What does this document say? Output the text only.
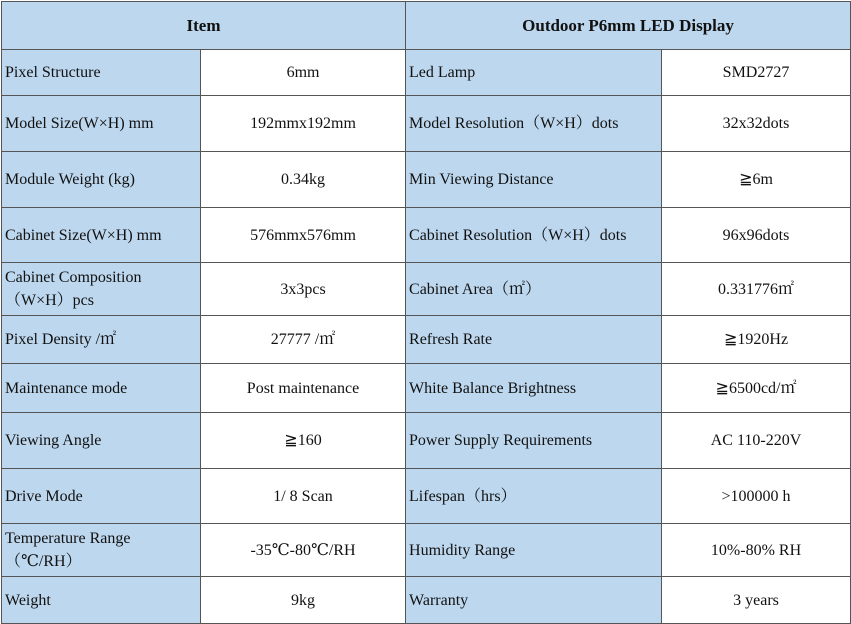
Item		Outdoor P6mm LED Display	
Pixel Structure	6mm	Led Lamp	SMD2727
Model Size(W×H) mm	192mmx192mm	Model Resolution（W×H）dots	32x32dots
Module Weight (kg)	0.34kg	Min Viewing Distance	≧6m
Cabinet Size(W×H) mm	576mmx576mm	Cabinet Resolution（W×H）dots	96x96dots
Cabinet Composition（W×H）pcs	3x3pcs	Cabinet Area（㎡）	0.331776㎡
Pixel Density /㎡	27777 /㎡	Refresh Rate	≧1920Hz
Maintenance mode	Post maintenance	White Balance Brightness	≧6500cd/㎡
Viewing Angle	≧160	Power Supply Requirements	AC 110-220V
Drive Mode	1/ 8 Scan	Lifespan（hrs）	>100000 h
Temperature Range（℃/RH）	-35℃-80℃/RH	Humidity Range	10%-80% RH
Weight	9kg	Warranty	3 years
